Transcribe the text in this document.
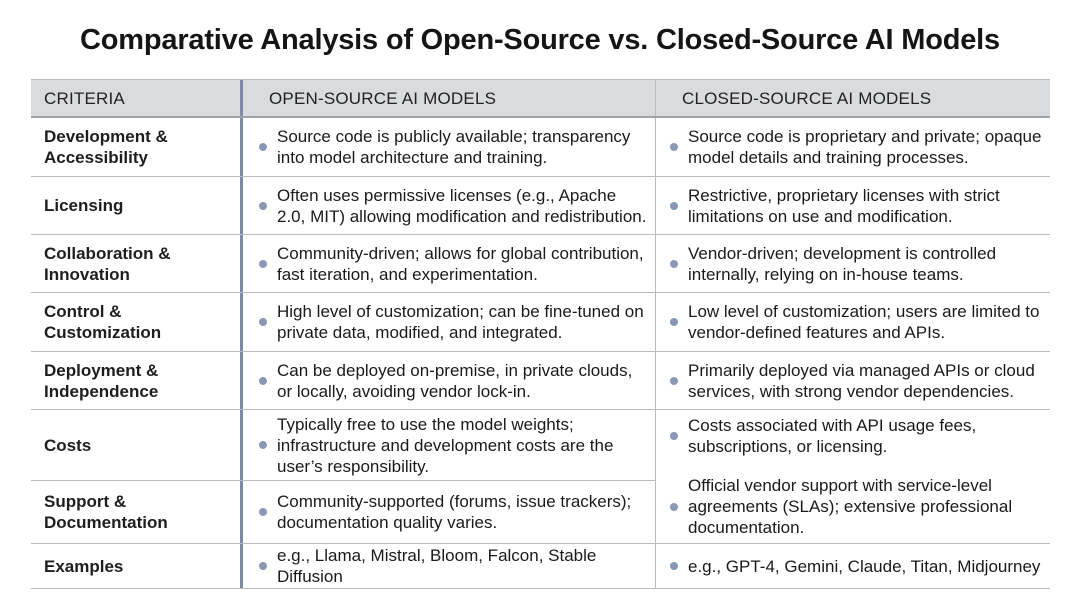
Comparative Analysis of Open-Source vs. Closed-Source AI Models
CRITERIA	OPEN-SOURCE AI MODELS	CLOSED-SOURCE AI MODELS
Development & Accessibility
Source code is publicly available; transparency into model architecture and training.
Source code is proprietary and private; opaque model details and training processes.
Licensing
Often uses permissive licenses (e.g., Apache 2.0, MIT) allowing modification and redistribution.
Restrictive, proprietary licenses with strict limitations on use and modification.
Collaboration & Innovation
Community-driven; allows for global contribution, fast iteration, and experimentation.
Vendor-driven; development is controlled internally, relying on in-house teams.
Control & Customization
High level of customization; can be fine-tuned on private data, modified, and integrated.
Low level of customization; users are limited to vendor-defined features and APIs.
Deployment & Independence
Can be deployed on-premise, in private clouds, or locally, avoiding vendor lock-in.
Primarily deployed via managed APIs or cloud services, with strong vendor dependencies.
Costs
Typically free to use the model weights; infrastructure and development costs are the user’s responsibility.
Support & Documentation
Community-supported (forums, issue trackers); documentation quality varies.
Costs associated with API usage fees, subscriptions, or licensing.
Official vendor support with service-level agreements (SLAs); extensive professional documentation.
Examples
e.g., Llama, Mistral, Bloom, Falcon, Stable Diffusion
e.g., GPT-4, Gemini, Claude, Titan, Midjourney
